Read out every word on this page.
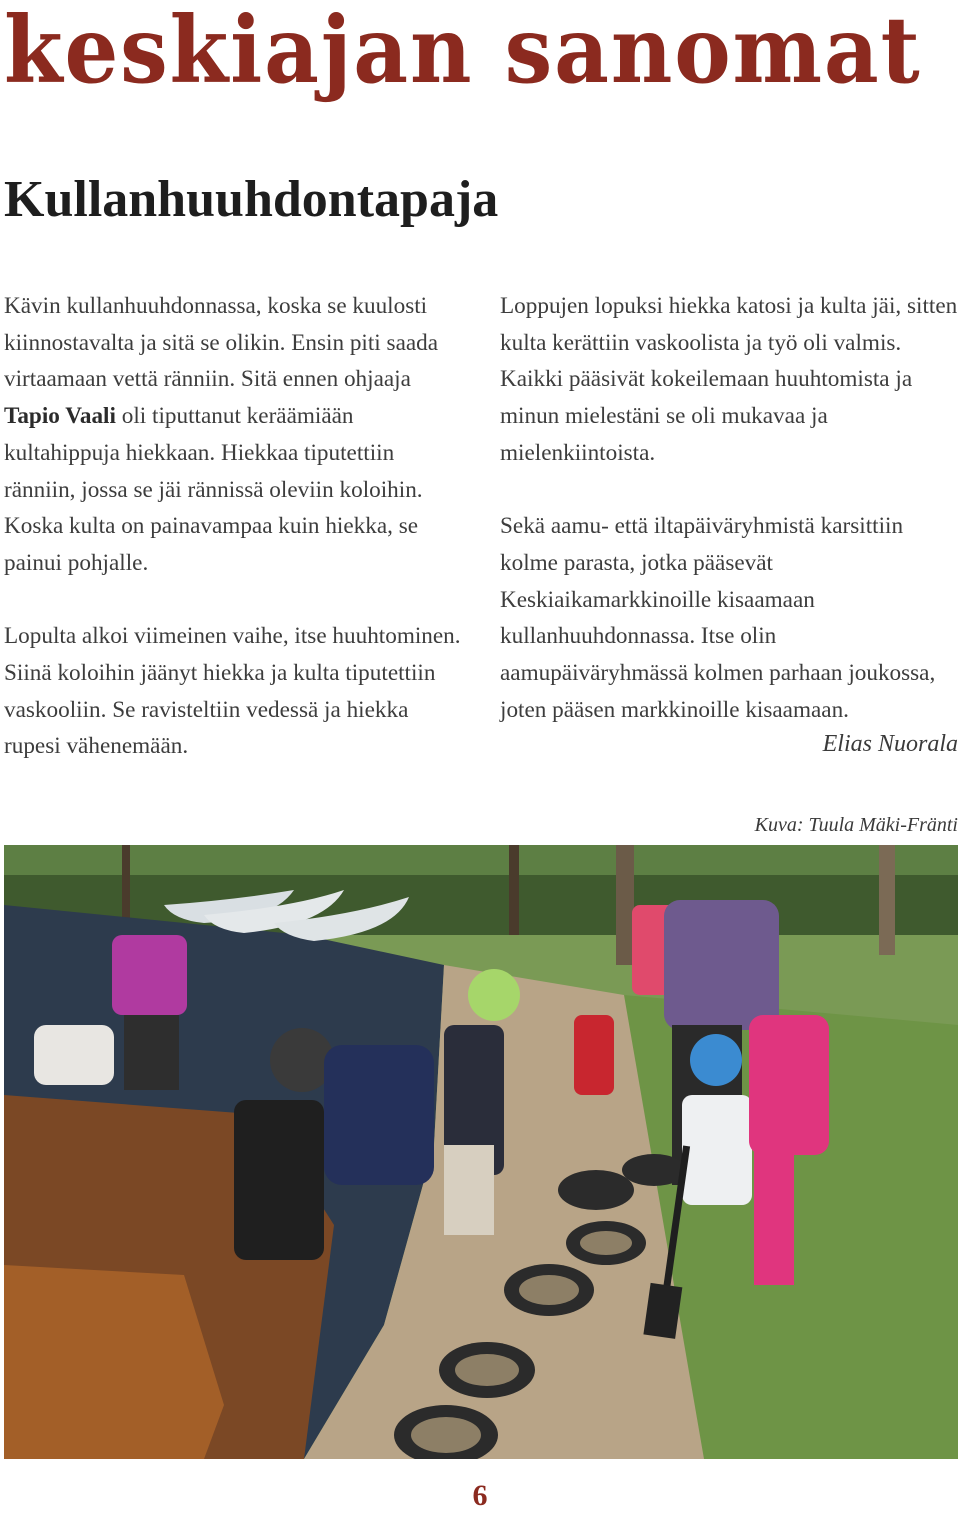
keskiajan sanomat
Kullanhuuhdontapaja

Kävin kullanhuuhdonnassa, koska se kuulosti kiinnostavalta ja sitä se olikin. Ensin piti saada virtaamaan vettä ränniin. Sitä ennen ohjaaja Tapio Vaali oli tiputtanut keräämiään kultahippuja hiekkaan. Hiekkaa tiputettiin ränniin, jossa se jäi rännissä oleviin koloihin. Koska kulta on painavampaa kuin hiekka, se painui pohjalle.

Lopulta alkoi viimeinen vaihe, itse huuhtominen. Siinä koloihin jäänyt hiekka ja kulta tiputettiin vaskooliin. Se ravisteltiin vedessä ja hiekka rupesi vähenemään.

Loppujen lopuksi hiekka katosi ja kulta jäi, sitten kulta kerättiin vaskoolista ja työ oli valmis. Kaikki pääsivät kokeilemaan huuhtomista ja minun mielestäni se oli mukavaa ja mielenkiintoista.

Sekä aamu- että iltapäiväryhmistä karsittiin kolme parasta, jotka pääsevät Keskiaikamarkkinoille kisaamaan kullanhuuhdonnassa. Itse olin aamupäiväryhmässä kolmen parhaan joukossa, joten pääsen markkinoille kisaamaan.

Elias Nuorala
Kuva: Tuula Mäki-Fränti
6
